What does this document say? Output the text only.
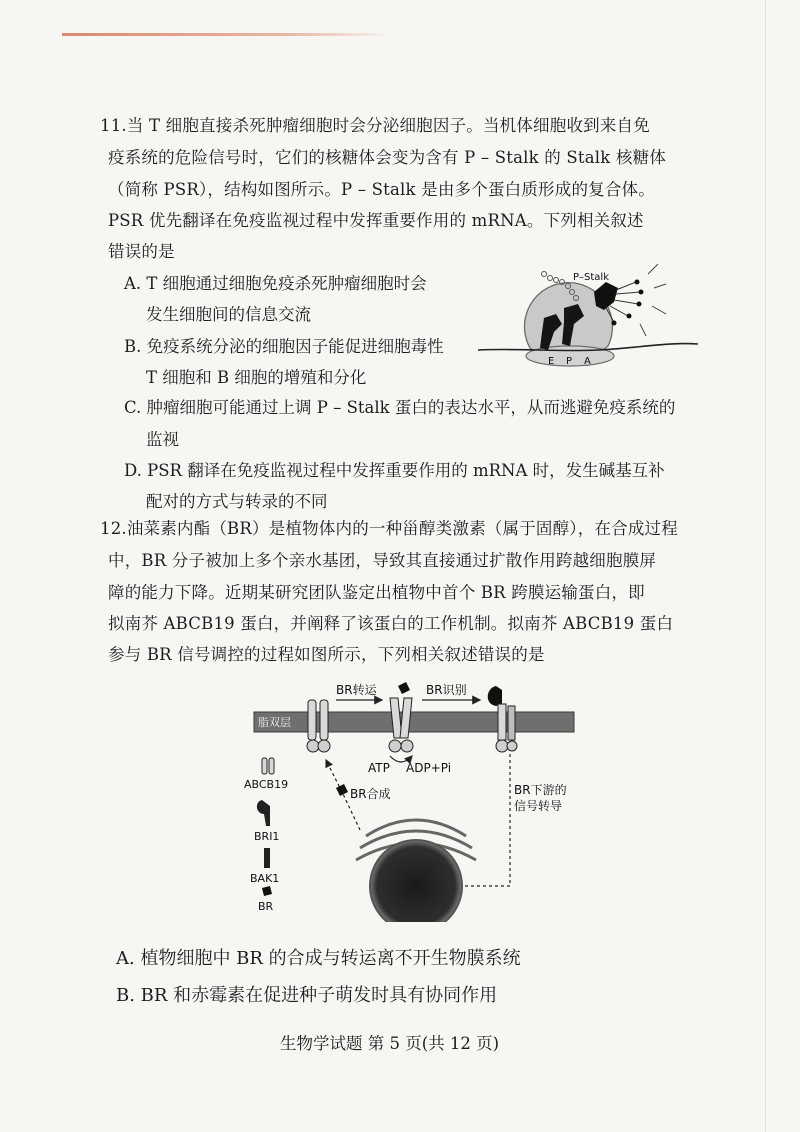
11.当 T 细胞直接杀死肿瘤细胞时会分泌细胞因子。当机体细胞收到来自免
疫系统的危险信号时，它们的核糖体会变为含有 P – Stalk 的 Stalk 核糖体
（简称 PSR），结构如图所示。P – Stalk 是由多个蛋白质形成的复合体。
PSR 优先翻译在免疫监视过程中发挥重要作用的 mRNA。下列相关叙述
错误的是
A. T 细胞通过细胞免疫杀死肿瘤细胞时会
发生细胞间的信息交流
B. 免疫系统分泌的细胞因子能促进细胞毒性
T 细胞和 B 细胞的增殖和分化
C. 肿瘤细胞可能通过上调 P – Stalk 蛋白的表达水平，从而逃避免疫系统的
监视
D. PSR 翻译在免疫监视过程中发挥重要作用的 mRNA 时，发生碱基互补
配对的方式与转录的不同
P–Stalk
E P A
12.油菜素内酯（BR）是植物体内的一种甾醇类激素（属于固醇），在合成过程
中，BR 分子被加上多个亲水基团，导致其直接通过扩散作用跨越细胞膜屏
障的能力下降。近期某研究团队鉴定出植物中首个 BR 跨膜运输蛋白，即
拟南芥 ABCB19 蛋白，并阐释了该蛋白的工作机制。拟南芥 ABCB19 蛋白
参与 BR 信号调控的过程如图所示，下列相关叙述错误的是
脂双层
BR转运	BR识别
ATP ADP+Pi
BR合成	BR下游的
信号转导
ABCB19
BRI1
BAK1
BR
A. 植物细胞中 BR 的合成与转运离不开生物膜系统
B. BR 和赤霉素在促进种子萌发时具有协同作用
生物学试题 第 5 页(共 12 页)
